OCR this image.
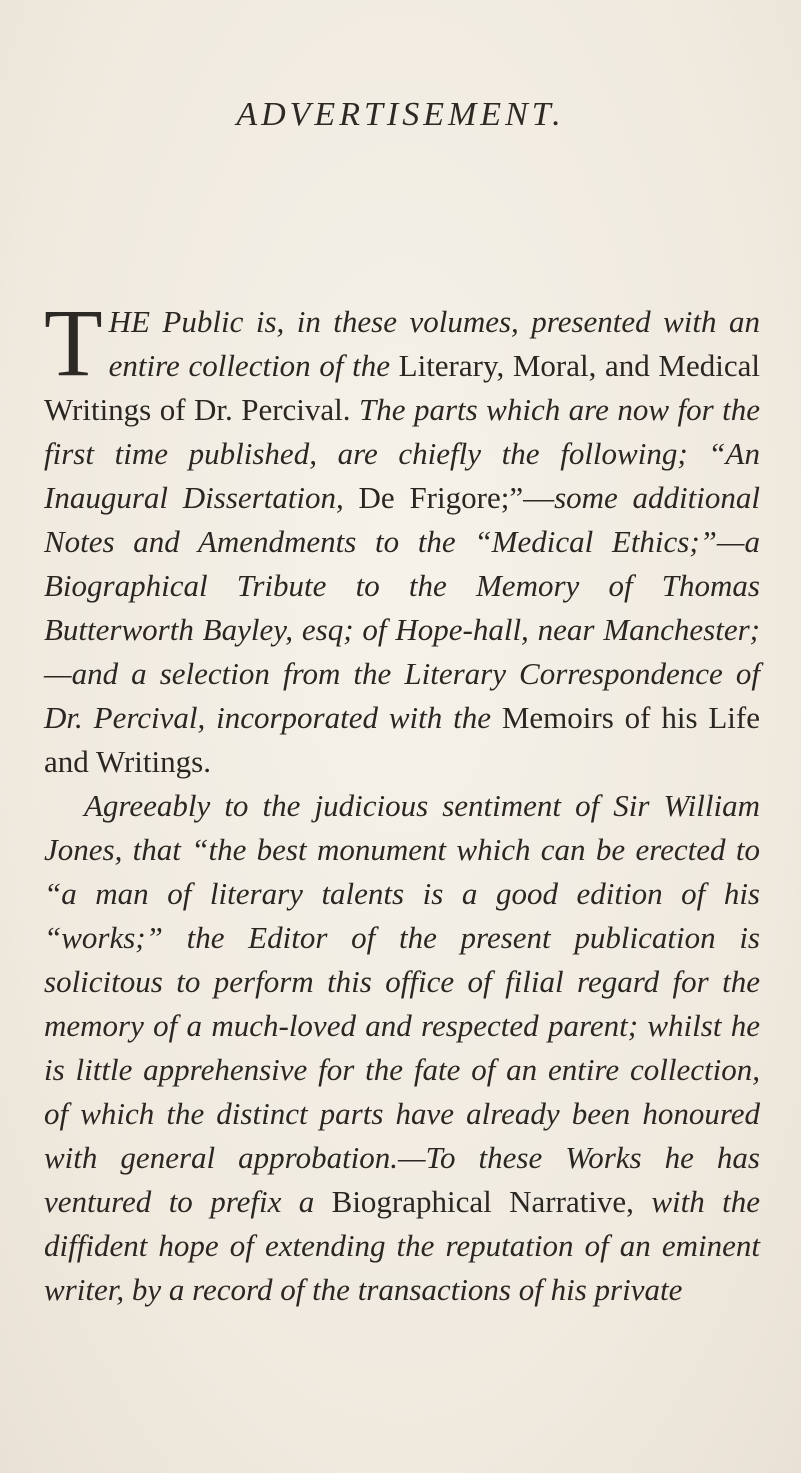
ADVERTISEMENT.

THE Public is, in these volumes, presented with an entire collection of the Literary, Moral, and Medical Writings of Dr. Percival. The parts which are now for the first time published, are chiefly the following; “An Inaugural Dissertation, De Frigore;”—some additional Notes and Amendments to the “Medical Ethics;”—a Biographical Tribute to the Memory of Thomas Butterworth Bayley, esq; of Hope-hall, near Manchester;—and a selection from the Literary Correspondence of Dr. Percival, incorporated with the Memoirs of his Life and Writings.

Agreeably to the judicious sentiment of Sir William Jones, that “the best monument which can be erected to “a man of literary talents is a good edition of his “works;” the Editor of the present publication is solicitous to perform this office of filial regard for the memory of a much-loved and respected parent; whilst he is little apprehensive for the fate of an entire collection, of which the distinct parts have already been honoured with general approbation.—To these Works he has ventured to prefix a Biographical Narrative, with the diffident hope of extending the reputation of an eminent writer, by a record of the transactions of his private
